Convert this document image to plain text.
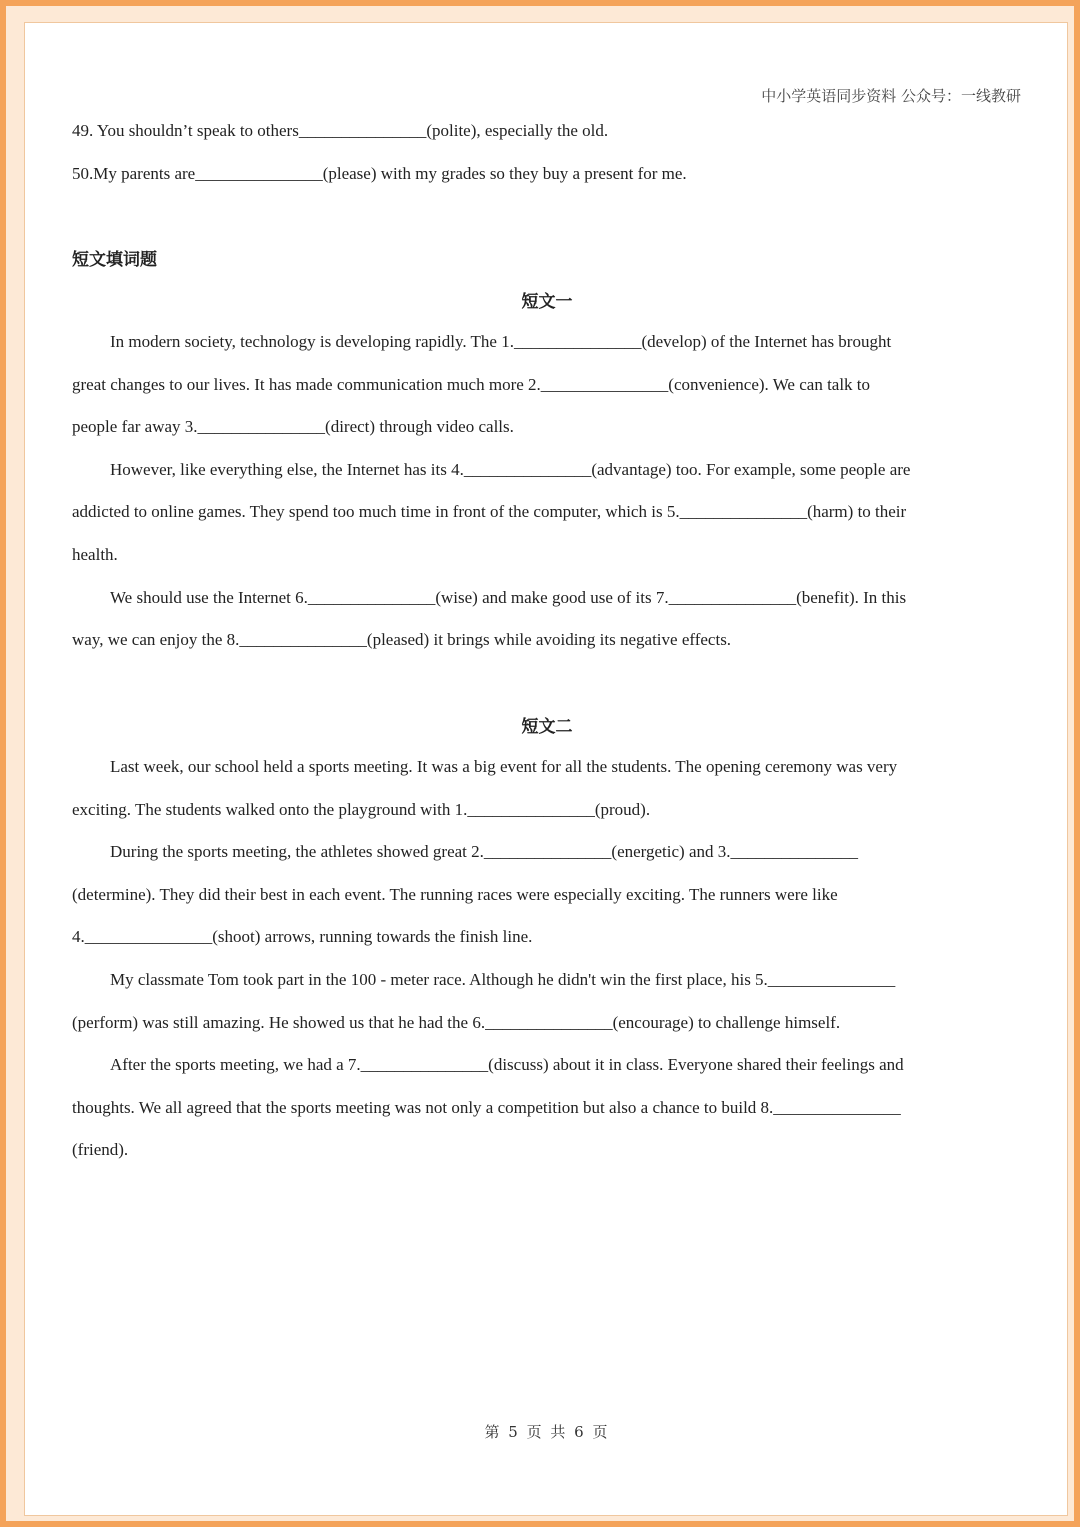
中小学英语同步资料 公众号：一线教研
49. You shouldn’t speak to others_______________(polite), especially the old.
50.My parents are_______________(please) with my grades so they buy a present for me.
短文填词题
短文一
In modern society, technology is developing rapidly. The 1._______________(develop) of the Internet has brought
great changes to our lives. It has made communication much more 2._______________(convenience). We can talk to
people far away 3._______________(direct) through video calls.
However, like everything else, the Internet has its 4._______________(advantage) too. For example, some people are
addicted to online games. They spend too much time in front of the computer, which is 5._______________(harm) to their
health.
We should use the Internet 6._______________(wise) and make good use of its 7._______________(benefit). In this
way, we can enjoy the 8._______________(pleased) it brings while avoiding its negative effects.
短文二
Last week, our school held a sports meeting. It was a big event for all the students. The opening ceremony was very
exciting. The students walked onto the playground with 1._______________(proud).
During the sports meeting, the athletes showed great 2._______________(energetic) and 3._______________
(determine). They did their best in each event. The running races were especially exciting. The runners were like
4._______________(shoot) arrows, running towards the finish line.
My classmate Tom took part in the 100 - meter race. Although he didn't win the first place, his 5._______________
(perform) was still amazing. He showed us that he had the 6._______________(encourage) to challenge himself.
After the sports meeting, we had a 7._______________(discuss) about it in class. Everyone shared their feelings and
thoughts. We all agreed that the sports meeting was not only a competition but also a chance to build 8._______________
(friend).
第 5 页 共 6 页
